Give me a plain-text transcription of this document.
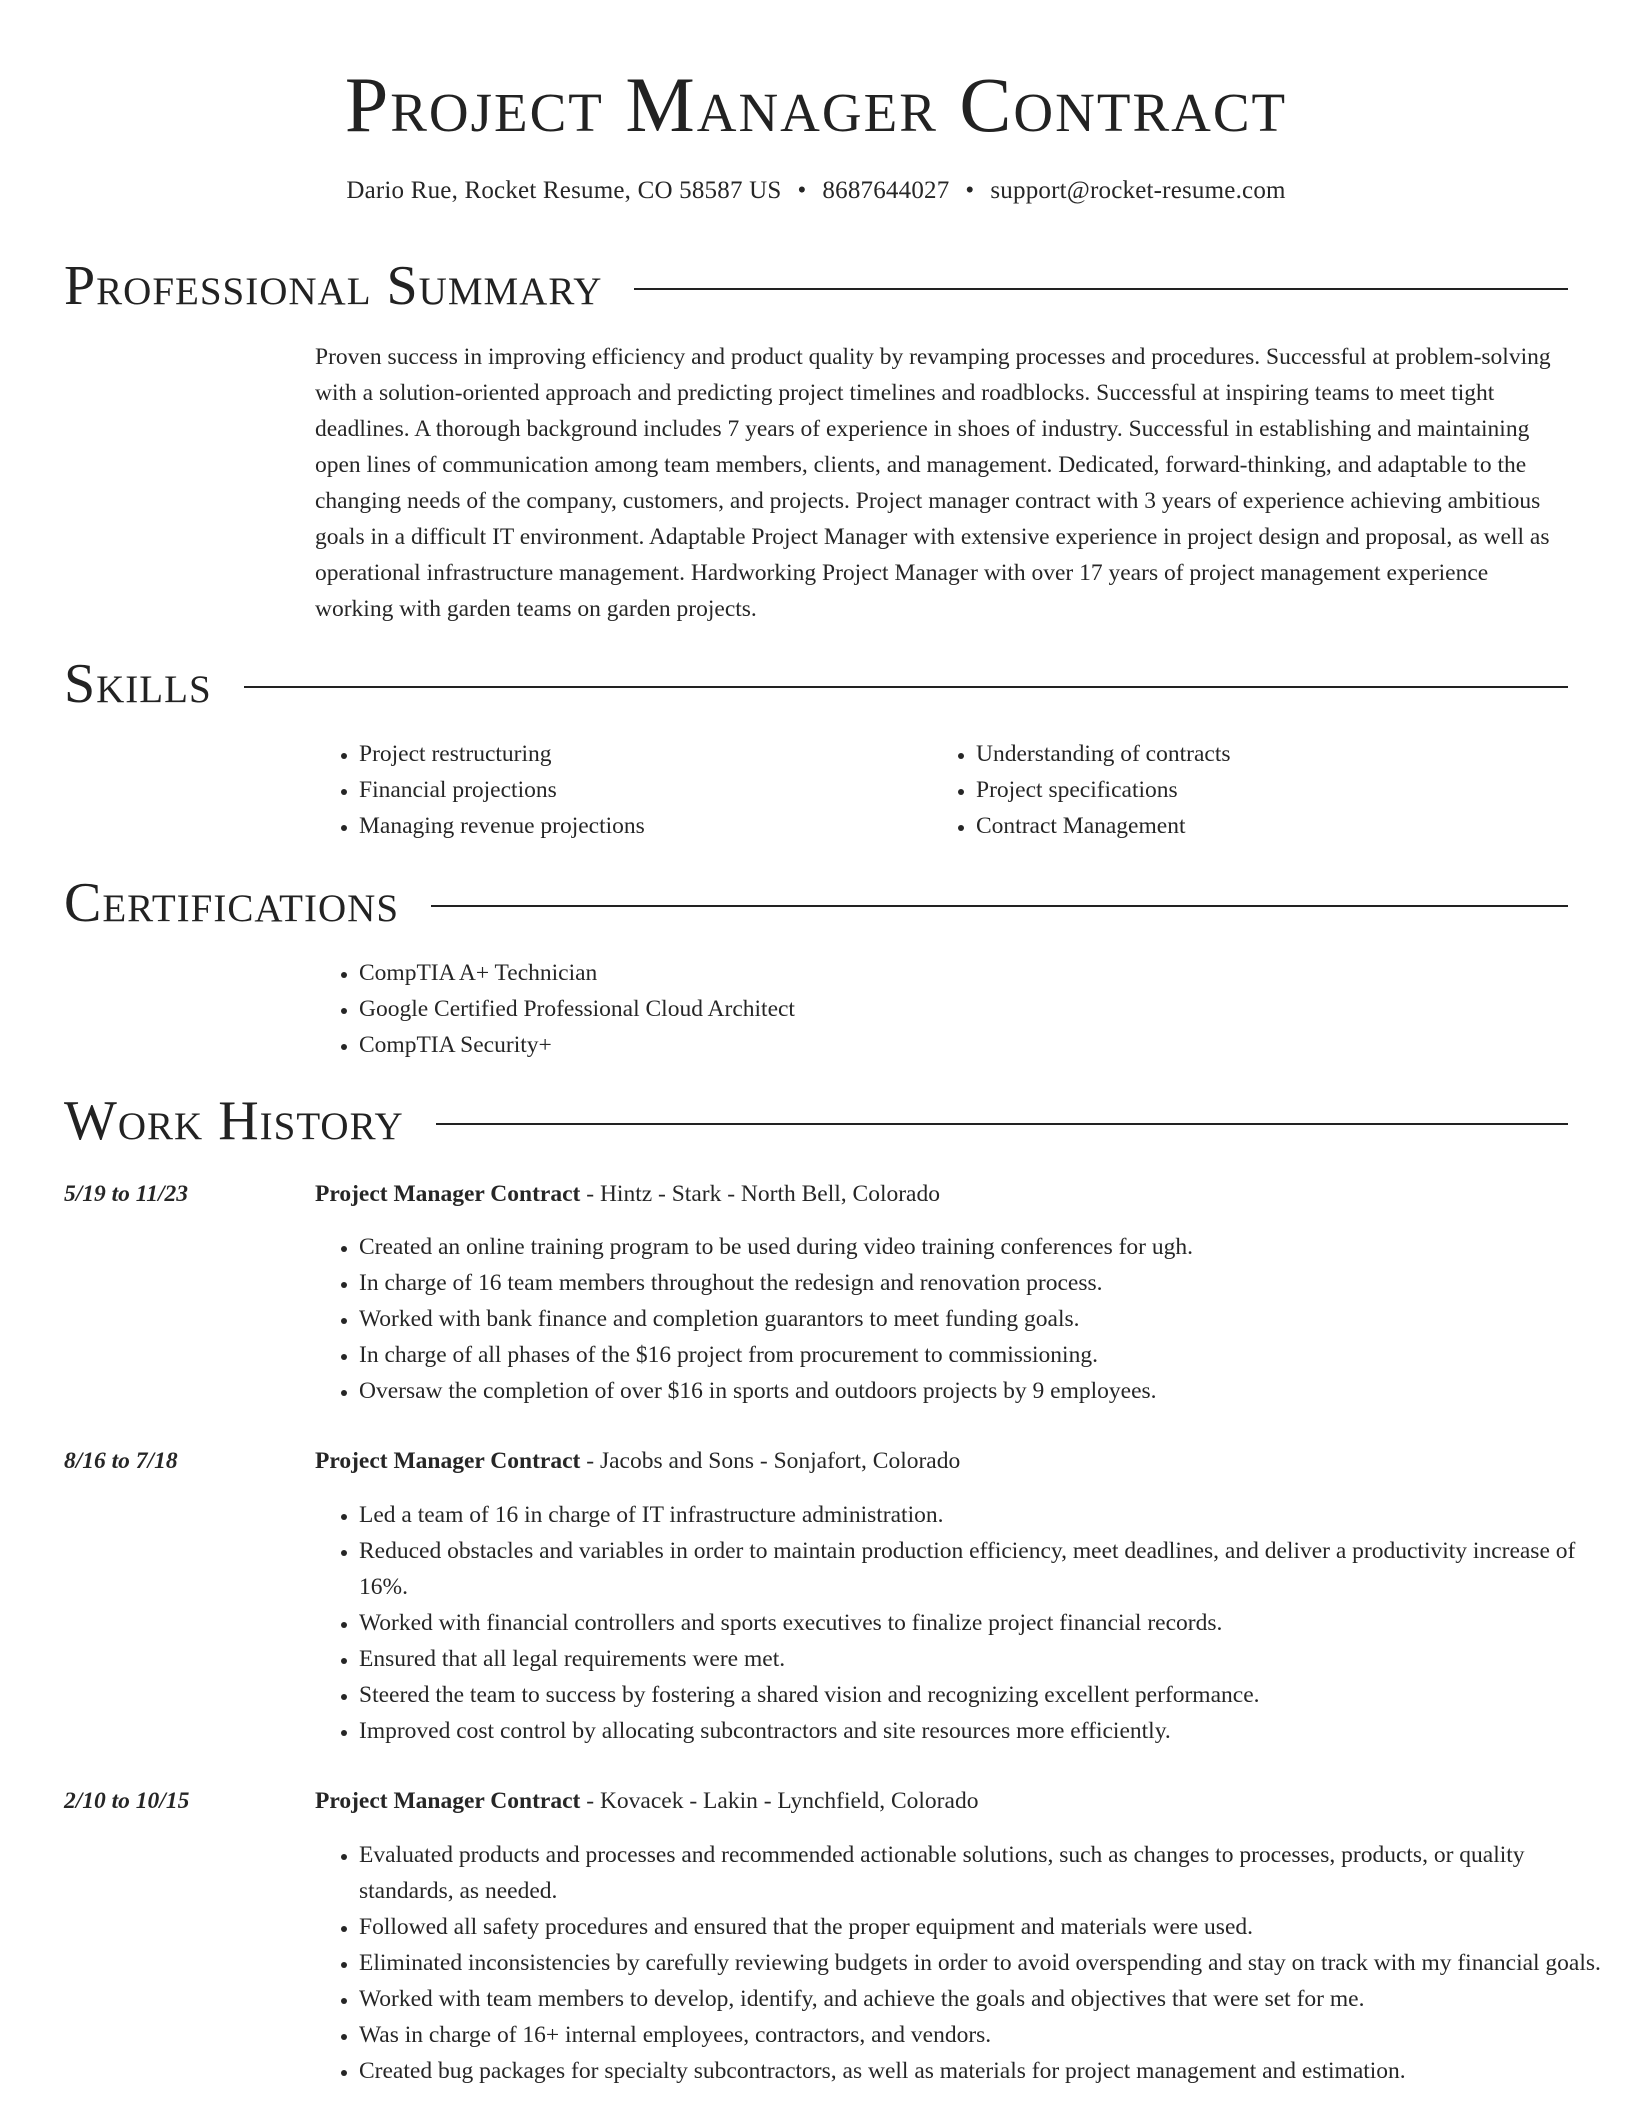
Project Manager Contract
Dario Rue, Rocket Resume, CO 58587 US • 8687644027 • support@rocket-resume.com
Professional Summary

Proven success in improving efficiency and product quality by revamping processes and procedures. Successful at problem-solving with a solution-oriented approach and predicting project timelines and roadblocks. Successful at inspiring teams to meet tight deadlines. A thorough background includes 7 years of experience in shoes of industry. Successful in establishing and maintaining open lines of communication among team members, clients, and management. Dedicated, forward-thinking, and adaptable to the changing needs of the company, customers, and projects. Project manager contract with 3 years of experience achieving ambitious goals in a difficult IT environment. Adaptable Project Manager with extensive experience in project design and proposal, as well as operational infrastructure management. Hardworking Project Manager with over 17 years of project management experience working with garden teams on garden projects.

Skills
• Project restructuring
• Financial projections
• Managing revenue projections
• Understanding of contracts
• Project specifications
• Contract Management
Certifications
• CompTIA A+ Technician
• Google Certified Professional Cloud Architect
• CompTIA Security+
Work History
5/19 to 11/23	Project Manager Contract - Hintz - Stark - North Bell, Colorado
• Created an online training program to be used during video training conferences for ugh.
• In charge of 16 team members throughout the redesign and renovation process.
• Worked with bank finance and completion guarantors to meet funding goals.
• In charge of all phases of the $16 project from procurement to commissioning.
• Oversaw the completion of over $16 in sports and outdoors projects by 9 employees.
8/16 to 7/18	Project Manager Contract - Jacobs and Sons - Sonjafort, Colorado
• Led a team of 16 in charge of IT infrastructure administration.
• Reduced obstacles and variables in order to maintain production efficiency, meet deadlines, and deliver a productivity increase of 16%.
• Worked with financial controllers and sports executives to finalize project financial records.
• Ensured that all legal requirements were met.
• Steered the team to success by fostering a shared vision and recognizing excellent performance.
• Improved cost control by allocating subcontractors and site resources more efficiently.
2/10 to 10/15	Project Manager Contract - Kovacek - Lakin - Lynchfield, Colorado
• Evaluated products and processes and recommended actionable solutions, such as changes to processes, products, or quality standards, as needed.
• Followed all safety procedures and ensured that the proper equipment and materials were used.
• Eliminated inconsistencies by carefully reviewing budgets in order to avoid overspending and stay on track with my financial goals.
• Worked with team members to develop, identify, and achieve the goals and objectives that were set for me.
• Was in charge of 16+ internal employees, contractors, and vendors.
• Created bug packages for specialty subcontractors, as well as materials for project management and estimation.
